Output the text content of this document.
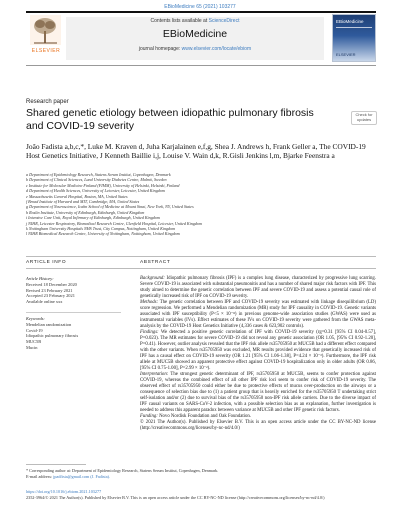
EBioMedicine 65 (2021) 103277
ELSEVIER
Contents lists available at ScienceDirect
EBioMedicine
journal homepage: www.elsevier.com/locate/ebiom
EBioMedicine
ELSEVIER
Research paper
Shared genetic etiology between idiopathic pulmonary fibrosis and COVID-19 severity
Check for updates
João Fadista a,b,c,*, Luke M. Kraven d, Juha Karjalainen e,f,g, Shea J. Andrews h, Frank Geller a, The COVID-19 Host Genetics Initiative, J Kenneth Baillie i,j, Louise V. Wain d,k, R.Gisli Jenkins l,m, Bjarke Feenstra a

a Department of Epidemiology Research, Statens Serum Institut, Copenhagen, Denmark

b Department of Clinical Sciences, Lund University Diabetes Centre, Malmö, Sweden

c Institute for Molecular Medicine Finland (FIMM), University of Helsinki, Helsinki, Finland

d Department of Health Sciences, University of Leicester, Leicester, United Kingdom

e Massachusetts General Hospital, Boston, MA, United States

f Broad Institute of Harvard and MIT, Cambridge, MA, United States

g Department of Neuroscience, Icahn School of Medicine at Mount Sinai, New York, NY, United States

h Roslin Institute, University of Edinburgh, Edinburgh, United Kingdom

i Intensive Care Unit, Royal Infirmary of Edinburgh, Edinburgh, United Kingdom

j NIHR, Leicester Respiratory, Biomedical Research Centre, Glenfield Hospital, Leicester, United Kingdom

k Nottingham University Hospitals NHS Trust, City Campus, Nottingham, United Kingdom

l NIHR Biomedical Research Centre, University of Nottingham, Nottingham, United Kingdom

ARTICLE INFO	ABSTRACT

Article History:

Received 18 December 2020

Revised 23 February 2021

Accepted 23 February 2021

Available online xxx

Keywords:

Mendelian randomization

Covid-19

Idiopathic pulmonary fibrosis

MUC5B

Mucin

Background: Idiopathic pulmonary fibrosis (IPF) is a complex lung disease, characterized by progressive lung scarring. Severe COVID-19 is associated with substantial pneumonitis and has a number of shared major risk factors with IPF. This study aimed to determine the genetic correlation between IPF and severe COVID-19 and assess a potential causal role of genetically increased risk of IPF on COVID-19 severity.

Methods: The genetic correlation between IPF and COVID-19 severity was estimated with linkage disequilibrium (LD) score regression. We performed a Mendelian randomization (MR) study for IPF causality in COVID-19. Genetic variants associated with IPF susceptibility (P<5 × 10⁻⁸) in previous genome-wide association studies (GWAS) were used as instrumental variables (IVs). Effect estimates of these IVs on COVID-19 severity were gathered from the GWAS meta-analysis by the COVID-19 Host Genetics Initiative (4,336 cases & 623,902 controls).

Findings: We detected a positive genetic correlation of IPF with COVID-19 severity (rg=0.31 [95% CI 0.04-0.57], P=0.023). The MR estimates for severe COVID-19 did not reveal any genetic association (OR 1.05, [95% CI 0.92-1.20], P=0.41). However, outlier analysis revealed that the IPF risk allele rs35705950 at MUC5B had a different effect compared with the other variants. When rs35705950 was excluded, MR results provided evidence that genetically increased risk of IPF has a causal effect on COVID-19 severity (OR 1.21 [95% CI 1.06-1.38], P=4.24 × 10⁻³). Furthermore, the IPF risk allele at MUC5B showed an apparent protective effect against COVID-19 hospitalization only in older adults (OR 0.86, [95% CI 0.75-1.00], P=2.99 × 10⁻²).

Interpretation: The strongest genetic determinant of IPF, rs35705950 at MUC5B, seems to confer protection against COVID-19, whereas the combined effect of all other IPF risk loci seem to confer risk of COVID-19 severity. The observed effect of rs35705950 could either be due to protective effects of mucus over-production on the airways or a consequence of selection bias due to (1) a patient group that is heavily enriched for the rs35705950 T undertaking strict self-isolation and/or (2) due to survival bias of the rs35705950 non-IPF risk allele carriers. Due to the diverse impact of IPF causal variants on SARS-CoV-2 infection, with a possible selection bias as an explanation, further investigation is needed to address this apparent paradox between variance at MUC5B and other IPF genetic risk factors.

Funding: Novo Nordisk Foundation and Oak Foundation.

© 2021 The Author(s). Published by Elsevier B.V. This is an open access article under the CC BY-NC-ND license (http://creativecommons.org/licenses/by-nc-nd/4.0/)

* Corresponding author at: Department of Epidemiology Research, Statens Serum Institut, Copenhagen, Denmark.

E-mail address: jpadfista@gmail.com (J. Fadista).

https://doi.org/10.1016/j.ebiom.2021.103277

2352-3964/© 2021 The Author(s). Published by Elsevier B.V. This is an open access article under the CC BY-NC-ND license (http://creativecommons.org/licenses/by-nc-nd/4.0/)
